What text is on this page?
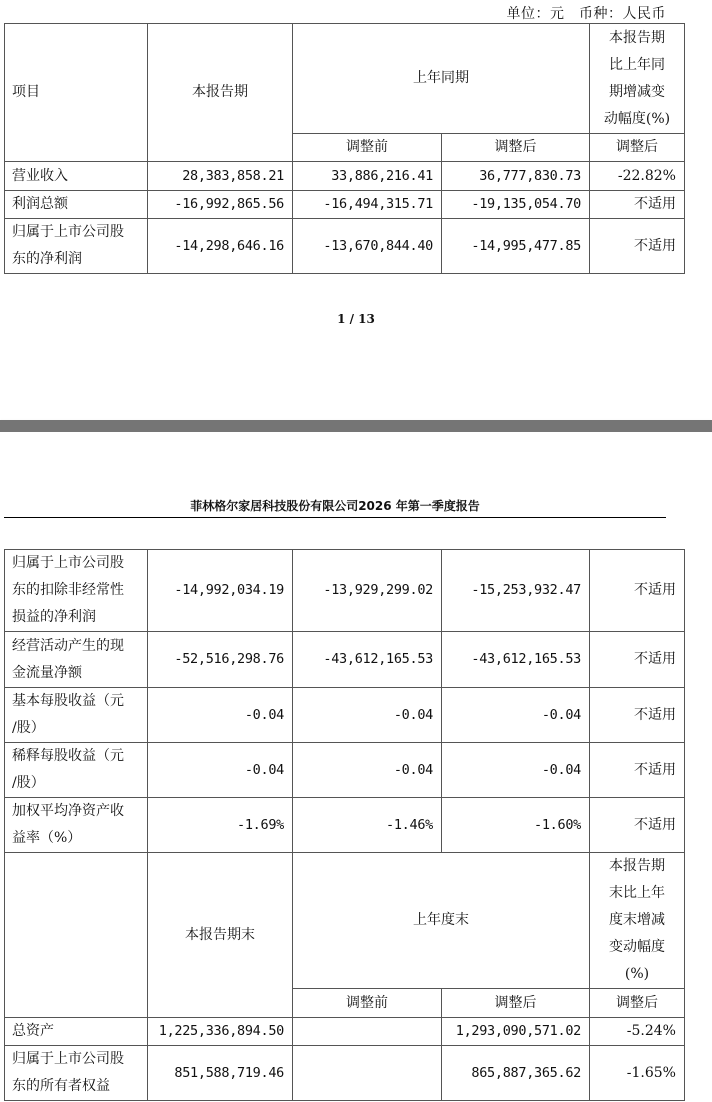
单位：元　币种：人民币
项目	本报告期	上年同期		本报告期
比上年同
期增减变
动幅度(%)

		调整前	调整后	调整后
营业收入	28,383,858.21	33,886,216.41	36,777,830.73	-22.82%
利润总额	-16,992,865.56	-16,494,315.71	-19,135,054.70	不适用

归属于上市公司股
东的净利润	-14,298,646.16	-13,670,844.40	-14,995,477.85	不适用
1 / 13
菲林格尔家居科技股份有限公司2026 年第一季度报告
归属于上市公司股
东的扣除非经常性
损益的净利润	-14,992,034.19	-13,929,299.02	-15,253,932.47	不适用

经营活动产生的现
金流量净额	-52,516,298.76	-43,612,165.53	-43,612,165.53	不适用

基本每股收益（元
/股）	-0.04	-0.04	-0.04	不适用

稀释每股收益（元
/股）	-0.04	-0.04	-0.04	不适用

加权平均净资产收
益率（%）	-1.69%	-1.46%	-1.60%	不适用
	本报告期末	上年度末		本报告期
末比上年
度末增减
变动幅度
(%)

		调整前	调整后	调整后
总资产	1,225,336,894.50		1,293,090,571.02	-5.24%

归属于上市公司股
东的所有者权益	851,588,719.46		865,887,365.62	-1.65%
